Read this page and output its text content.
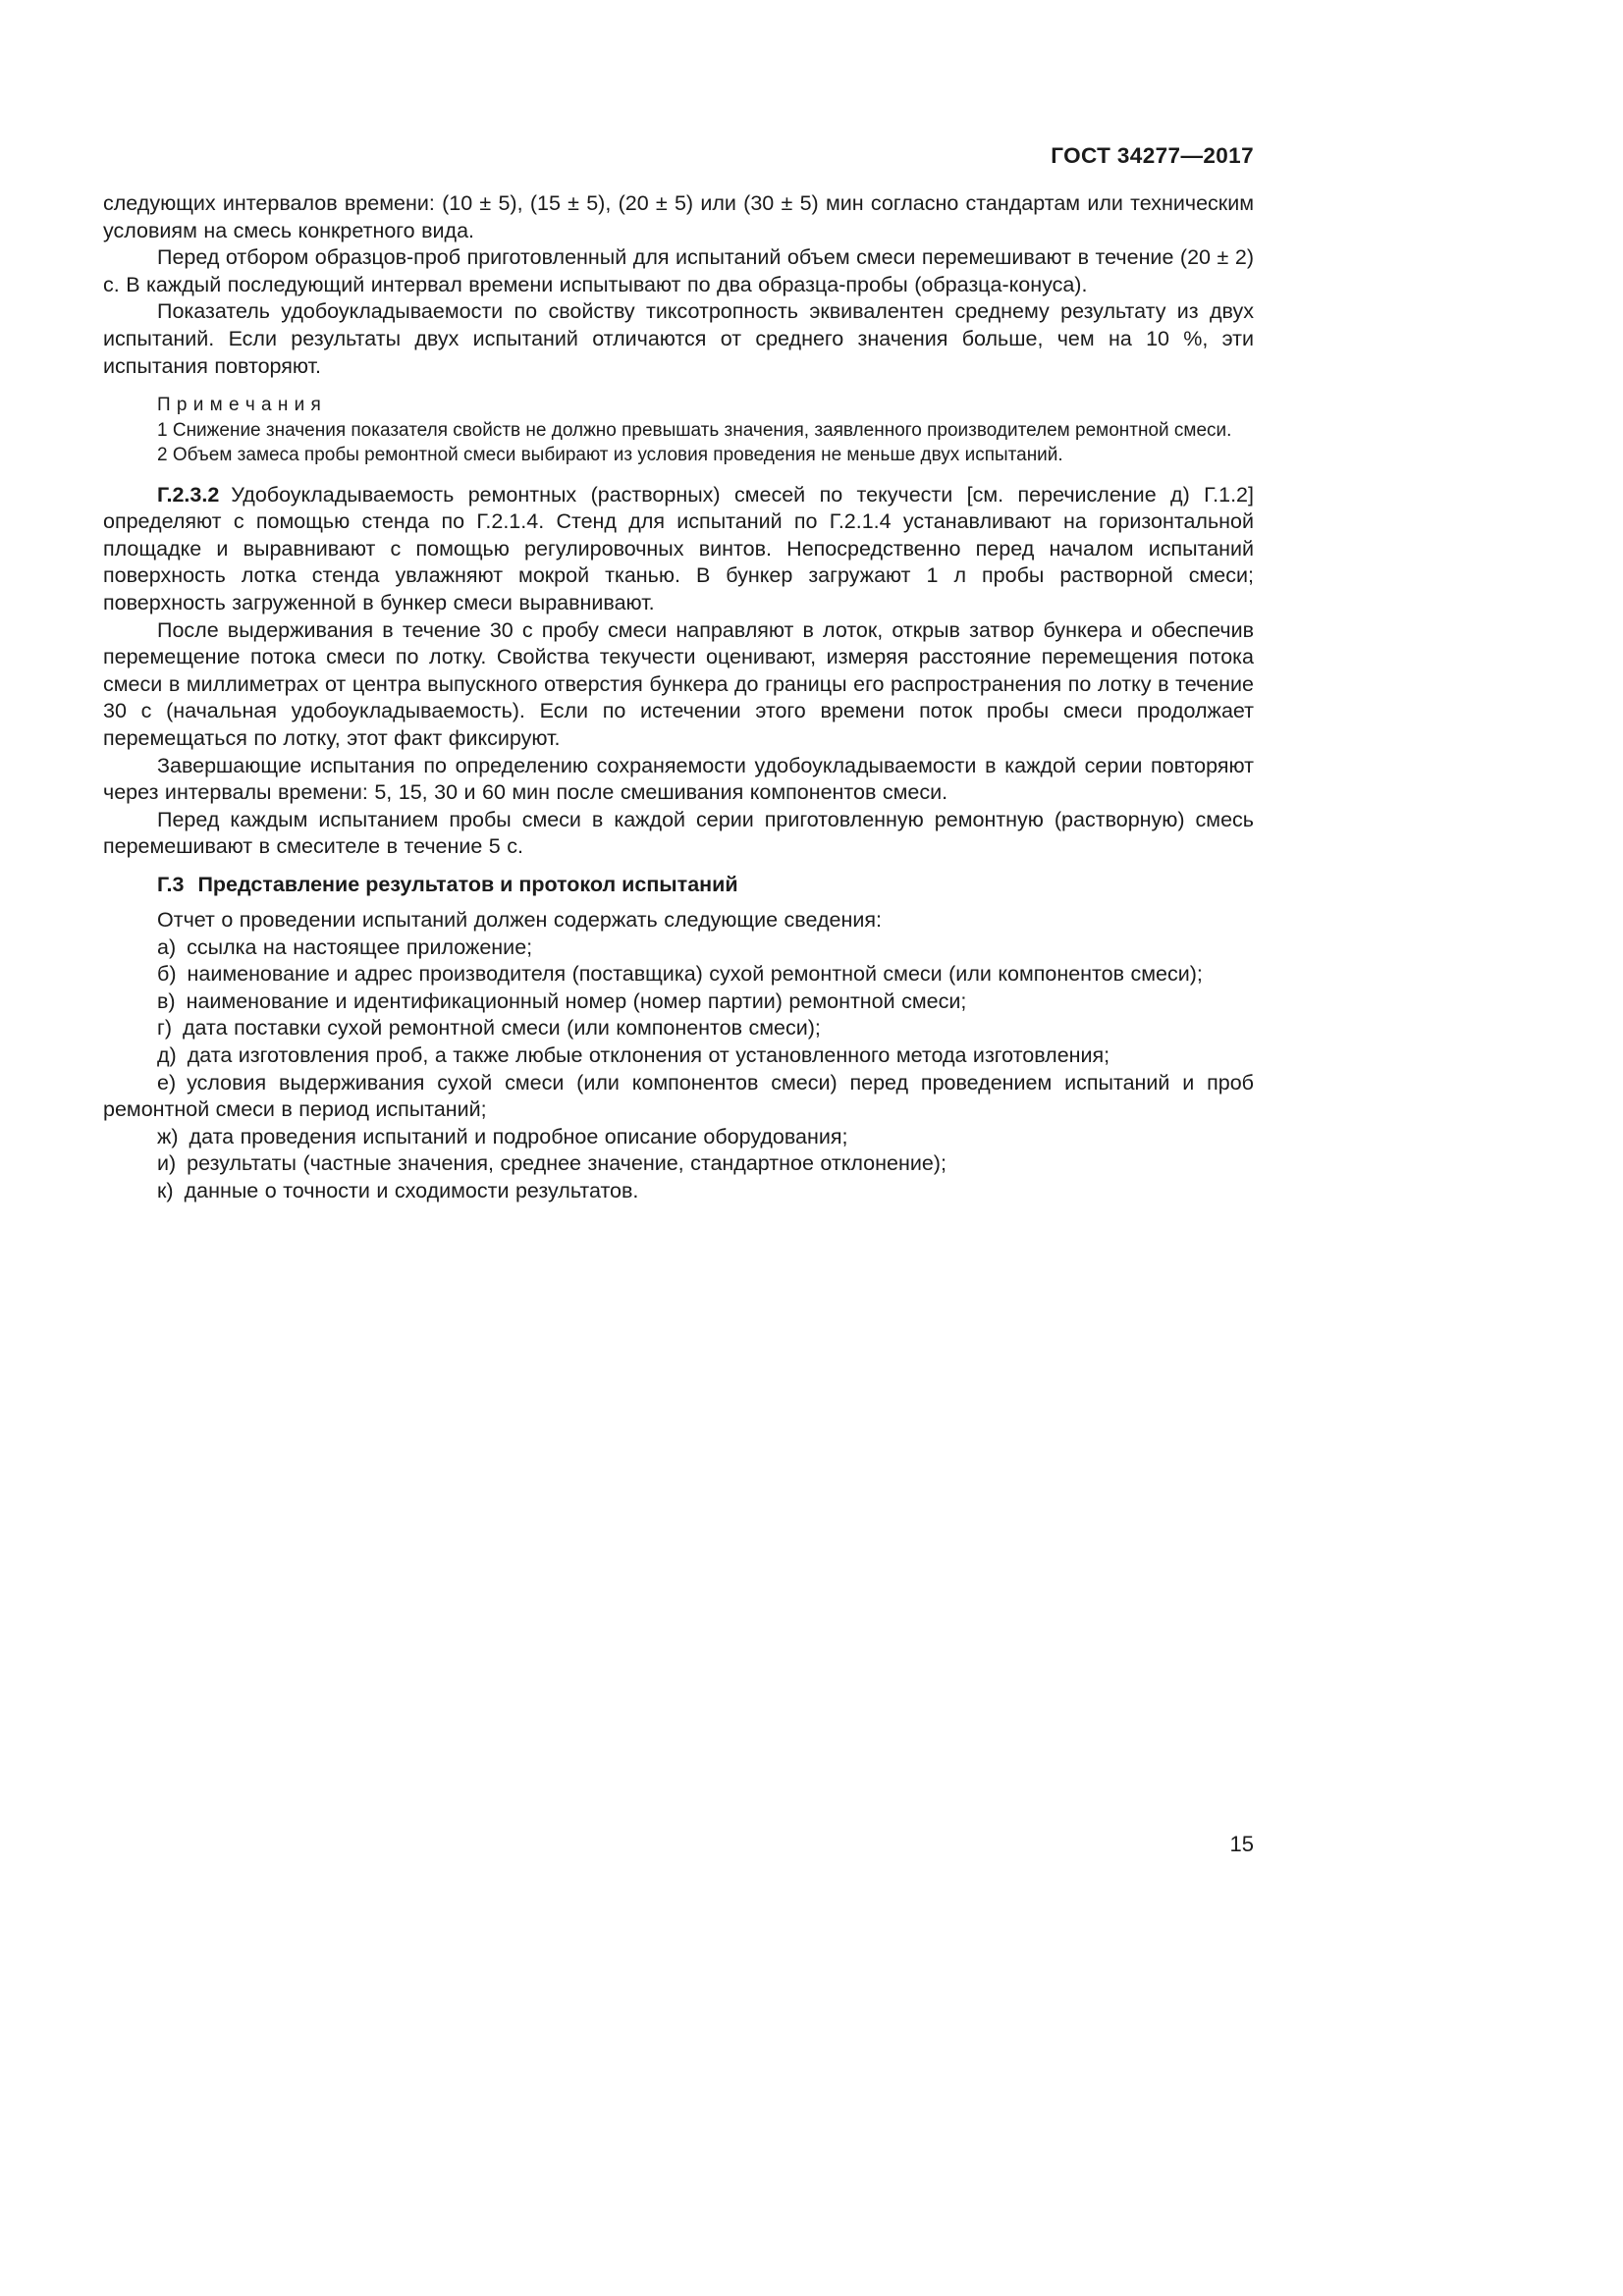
ГОСТ 34277—2017

следующих интервалов времени: (10 ± 5), (15 ± 5), (20 ± 5) или (30 ± 5) мин согласно стандартам или техническим условиям на смесь конкретного вида.

Перед отбором образцов-проб приготовленный для испытаний объем смеси перемешивают в течение (20 ± 2) с. В каждый последующий интервал времени испытывают по два образца-пробы (образца-конуса).

Показатель удобоукладываемости по свойству тиксотропность эквивалентен среднему результату из двух испытаний. Если результаты двух испытаний отличаются от среднего значения больше, чем на 10 %, эти испытания повторяют.

П р и м е ч а н и я

1 Снижение значения показателя свойств не должно превышать значения, заявленного производителем ремонтной смеси.

2 Объем замеса пробы ремонтной смеси выбирают из условия проведения не меньше двух испытаний.

Г.2.3.2 Удобоукладываемость ремонтных (растворных) смесей по текучести [см. перечисление д) Г.1.2] определяют с помощью стенда по Г.2.1.4. Стенд для испытаний по Г.2.1.4 устанавливают на горизонтальной площадке и выравнивают с помощью регулировочных винтов. Непосредственно перед началом испытаний поверхность лотка стенда увлажняют мокрой тканью. В бункер загружают 1 л пробы растворной смеси; поверхность загруженной в бункер смеси выравнивают.

После выдерживания в течение 30 с пробу смеси направляют в лоток, открыв затвор бункера и обеспечив перемещение потока смеси по лотку. Свойства текучести оценивают, измеряя расстояние перемещения потока смеси в миллиметрах от центра выпускного отверстия бункера до границы его распространения по лотку в течение 30 с (начальная удобоукладываемость). Если по истечении этого времени поток пробы смеси продолжает перемещаться по лотку, этот факт фиксируют.

Завершающие испытания по определению сохраняемости удобоукладываемости в каждой серии повторяют через интервалы времени: 5, 15, 30 и 60 мин после смешивания компонентов смеси.

Перед каждым испытанием пробы смеси в каждой серии приготовленную ремонтную (растворную) смесь перемешивают в смесителе в течение 5 с.

Г.3 Представление результатов и протокол испытаний

Отчет о проведении испытаний должен содержать следующие сведения:

а) ссылка на настоящее приложение;

б) наименование и адрес производителя (поставщика) сухой ремонтной смеси (или компонентов смеси);

в) наименование и идентификационный номер (номер партии) ремонтной смеси;

г) дата поставки сухой ремонтной смеси (или компонентов смеси);

д) дата изготовления проб, а также любые отклонения от установленного метода изготовления;

е) условия выдерживания сухой смеси (или компонентов смеси) перед проведением испытаний и проб ремонтной смеси в период испытаний;

ж) дата проведения испытаний и подробное описание оборудования;

и) результаты (частные значения, среднее значение, стандартное отклонение);

к) данные о точности и сходимости результатов.

15
